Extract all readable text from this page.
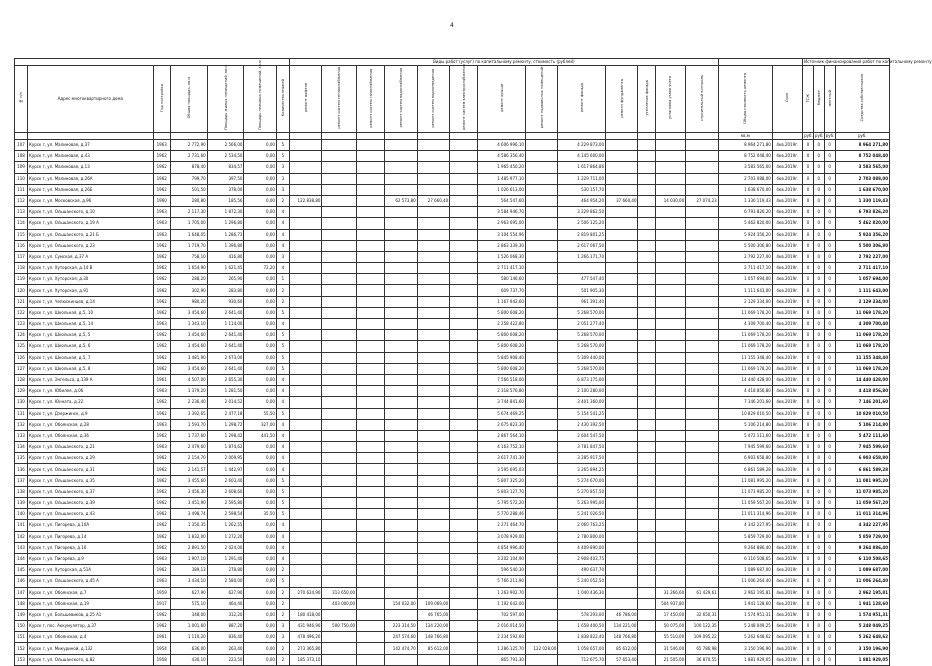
4
							Виды работ (услуг) по капитальному ремонту, стоимость (рублей)															Источник финансирования работ по капитальному ремонту			
№ п/п	Адрес многоквартирного дома	Год постройки	Общая площадь, кв.м	Площадь жилых помещений, кв.м	Площадь нежилых помещений, кв.м	Количество этажей	ремонт лифтов	ремонт систем теплоснабжения	ремонт систем газоснабжения	ремонт систем водоснабжения	ремонт систем водоотведения	ремонт систем электроснабжения	ремонт крыши	ремонт подвальных помещений	ремонт фасада	ремонт фундамента	утепление фасада	установка узлов учета	строительный контроль	Общая стоимость ремонта	Срок	ТСЖ	бюджет	местный	Средства собственников
																				кв.м		руб.	руб.	руб.	руб.
107	Курск г, ул. Малиновая, д.37	1963	2 772,90	2 566,00	0,00	5							4 606 996,10		4 229 873,00					8 964 271,80	4кв.2019г.	0	0	0	8 964 271,80
108	Курск г, ул. Малиновая, д.43	1962	2 731,60	2 534,50	0,00	5							4 586 356,40		4 145 600,00					8 752 048,40	4кв.2019г.	0	0	0	8 752 048,40
109	Курск г, ул. Малиновая, д.13	1962	878,40	834,57	0,00	3							1 965 450,20		1 617 864,86					3 583 565,00	4кв.2019г.	0	0	0	3 583 565,00
110	Курск г, ул. Малиновая, д.26А	1962	799,70	397,50	0,00	3							1 485 977,10		1 229 711,00					2 703 088,00	4кв.2019г.	0	0	0	2 703 088,00
111	Курск г, ул. Малиновая, д.26Б	1962	501,50	378,00	0,00	3							1 026 613,00		530 157,70					1 638 670,00	4кв.2019г.	0	0	0	1 638 670,00
112	Курск г, ул. Московская, д.96	1960	280,80	185,56	0,00	2	122 838,80			62 573,80	27 660,40		564 547,60		464 954,20	37 660,40		14 030,00	27 074,23	1 330 119,43	4кв.2019г.	0	0	0	1 330 119,43
113	Курск г, ул. Ольшанского, д.10	1963	2 117,30	1 872,30	0,00	4							3 584 946,70		3 229 862,50					6 793 826,20	4кв.2019г.	0	0	0	6 793 826,20
114	Курск г, ул. Ольшанского, д.19 А	1963	1 705,00	1 296,80	0,00	4							2 963 695,00		2 506 125,20					5 462 820,00	4кв.2019г.	0	0	0	5 462 820,00
115	Курск г, ул. Ольшанского, д.21 Б	1963	1 648,05	1 286,73	0,00	4							3 104 554,96		2 819 801,25					5 924 356,20	4кв.2019г.	0	0	0	5 924 356,20
116	Курск г, ул. Ольшанского, д.23	1962	1 719,70	1 396,80	0,00	4							2 863 339,30		2 617 067,50					5 500 306,80	4кв.2019г.	0	0	0	5 500 306,80
117	Курск г, ул. Сумская, д.37 А	1962	758,10	416,80	0,00	3							1 526 068,30		1 266 171,70					2 792 227,00	4кв.2019г.	0	0	0	2 792 227,00
118	Курск г, ул. Хуторская, д.14 В	1962	1 654,90	1 621,45	72,20	4							2 711 417,10							2 711 417,10	4кв.2019г.	0	0	0	2 711 417,10
119	Курск г, ул. Хуторская, д.30	1962	288,20	265,90	0,00	1							580 146,60		477 547,40					1 057 694,00	4кв.2019г.	0	0	0	1 057 694,00
120	Курск г, ул. Хуторская, д.91	1962	302,90	283,80	0,00	2							609 737,70		501 905,30					1 111 643,00	4кв.2019г.	0	0	0	1 111 643,00
121	Курск г, ул. Челюскинцев, д.14	1962	980,20	930,60	0,00	2							1 167 942,60		961 391,40					2 129 334,00	4кв.2019г.	0	0	0	2 129 334,00
122	Курск г, ул. Школьная, д.5, 10	1962	3 454,60	2 641,40	0,00	5							5 800 608,20		5 268 570,00					11 069 178,20	4кв.2019г.	0	0	0	11 069 178,20
123	Курск г, ул. Школьная, д.5, 14	1963	1 343,10	1 114,00	0,00	4							2 258 422,80		2 051 277,40					4 309 700,40	4кв.2019г.	0	0	0	4 309 700,40
124	Курск г, ул. Школьная, д.5, 5	1962	3 454,60	2 641,40	0,00	5							5 800 608,20		5 268 570,00					11 069 178,20	4кв.2019г.	0	0	0	11 069 178,20
125	Курск г, ул. Школьная, д.5, 6	1962	3 454,60	2 641,40	0,00	5							5 800 608,20		5 268 570,00					11 069 178,20	4кв.2019г.	0	0	0	11 069 178,20
126	Курск г, ул. Школьная, д.5, 7	1962	3 481,90	2 673,00	0,00	5							5 845 908,40		5 309 440,00					11 155 348,40	4кв.2019г.	0	0	0	11 155 348,40
127	Курск г, ул. Школьная, д.5, 8	1962	3 454,60	2 641,40	0,00	5							5 800 608,20		5 268 570,00					11 069 178,20	4кв.2019г.	0	0	0	11 069 178,20
128	Курск г, ул. Энгельса, д.139 А	1961	4 507,00	2 655,30	0,00	4							7 566 518,00		6 873 175,00					14 440 428,00	4кв.2019г.	0	0	0	14 440 428,00
129	Курск г, ул. Юбилея, д.06	1963	1 379,20	1 281,50	0,00	4							2 318 576,80		2 100 280,00					4 418 856,80	4кв.2019г.	0	0	0	4 418 856,80
130	Курск г, ул. Юнната, д.22	1962	2 236,40	2 014,52	0,00	4							3 744 841,60		3 401 360,00					7 146 201,60	4кв.2019г.	0	0	0	7 146 201,60
131	Курск г, ул. Дзержинск, д.9	1962	3 392,65	2 477,18	55,50	5							5 674 469,25		5 154 541,25					10 829 010,50	4кв.2019г.	0	0	0	10 829 010,50
132	Курск г, ул. Обоянская, д.28	1963	1 593,70	1 298,72	327,00	4							2 675 823,30		2 430 392,50					5 106 214,80	4кв.2019г.	0	0	0	5 106 214,80
133	Курск г, ул. Обоянская, д.36	1962	1 737,60	1 298,42	441,50	4							2 867 564,10		2 604 547,50					5 472 111,60	4кв.2019г.	0	0	0	5 472 111,60
134	Курск г, ул. Ольшанского, д.21	1963	2 479,60	1 874,62	0,00	4							4 163 752,10		3 781 847,50					7 945 599,60	4кв.2019г.	0	0	0	7 945 599,60
135	Курск г, ул. Ольшанского, д.29	1962	2 154,70	2 009,95	0,00	4							3 617 741,30		3 285 917,50					6 903 658,80	4кв.2019г.	0	0	0	6 903 658,80
136	Курск г, ул. Ольшанского, д.31	1962	2 141,57	1 442,97	0,00	4							3 595 695,03		3 265 894,25					6 861 589,28	4кв.2019г.	0	0	0	6 861 589,28
137	Курск г, ул. Ольшанского, д.35	1962	3 455,60	2 603,40	0,00	5							5 807 325,20		5 274 670,00					11 081 995,20	4кв.2019г.	0	0	0	11 081 995,20
138	Курск г, ул. Ольшанского, д.37	1962	3 456,30	2 608,60	0,00	5							5 803 127,70		5 270 857,50					11 073 985,20	4кв.2019г.	0	0	0	11 073 985,20
139	Курск г, ул. Ольшанского, д.39	1962	3 451,90	2 595,80	0,00	5							5 795 572,20		5 263 995,00					11 059 567,20	4кв.2019г.	0	0	0	11 059 567,20
140	Курск г, ул. Ольшанского, д.43	1962	3 498,74	2 598,54	35,50	5							5 770 288,46		5 241 026,50					11 011 314,96	4кв.2019г.	0	0	0	11 011 314,96
141	Курск г, ул. Пигорева, д.10А	1962	1 350,35	1 262,55	0,00	4							2 271 464,70		2 060 763,25					4 342 227,95	4кв.2019г.	0	0	0	4 342 227,95
142	Курск г, ул. Пигорева, д.14	1962	1 832,00	1 272,20	0,00	4							3 078 929,00		2 780 800,00					5 859 729,00	4кв.2019г.	0	0	0	5 859 729,00
143	Курск г, ул. Пигорева, д.16	1962	2 891,50	2 024,00	0,00	4							4 854 996,40		4 409 890,00					9 264 886,40	4кв.2019г.	0	0	0	9 264 886,40
144	Курск г, ул. Пигорева, д.9	1963	1 907,10	1 291,40	0,00	4							3 202 104,90		2 908 403,75					6 110 508,65	4кв.2019г.	0	0	0	6 110 508,65
145	Курск г, ул. Хуторская, д.51А	1962	389,13	278,80	0,00	2							596 540,30		490 637,70					1 089 687,00	4кв.2019г.	0	0	0	1 089 687,00
146	Курск г, ул. Ольшанского, д.45 А	1963	3 434,10	2 580,00	0,00	5							5 766 211,90		5 240 052,50					11 006 264,40	4кв.2019г.	0	0	0	11 006 264,40
147	Курск г, ул. Обоянская, д.7	1959	627,90	627,90	0,00	2	270 624,90	313 650,00					1 263 902,70		1 040 436,30			31 266,60	61 429,61	2 962 195,81	4кв.2019г.	0	0	0	2 962 195,81
148	Курск г, ул. Обоянская, д.19	1917	575,10	464,40	0,00	2		403 000,00		154 032,00	109 069,00		1 192 642,00					504 937,80		1 941 128,60	4кв.2019г.	0	0	0	1 941 128,60
149	Курск г, ул. Большевиков, д.25 А1	1962	348,00	312,20	0,00	2	180 418,00				46 765,00		702 597,00		578 293,00	46 786,00		17 450,00	32 650,31	1 574 951,31	4кв.2019г.	0	0	0	1 574 951,31
150	Курск г, пос. Аккумулятор, д.37	1962	1 001,60	887,20	0,00	3	431 946,90	500 750,00		223 314,50	134 220,00		2 016 014,50		1 658 400,50	134 221,00		50 075,00	100 122,35	5 248 049,25	4кв.2019г.	0	0	0	5 248 049,25
151	Курск г, ул. Обоянская, д.4	1961	1 110,20	836,40	0,00	3	478 496,20			247 574,60	148 766,80		2 234 592,60		1 838 822,40	148 766,80		55 510,00	109 095,22	5 262 648,62	4кв.2019г.	0	0	0	5 262 648,62
152	Курск г, ул. Микуриной, д.132	1954	636,00	263,40	0,00	2	273 365,80			142 474,70	85 612,00		1 286 125,70	122 028,00	1 058 657,00	85 612,00		31 546,00	65 786,98	3 150 196,90	4кв.2019г.	0	0	0	3 150 196,90
153	Курск г, ул. Ольшанского, д.82	1958	430,10	223,50	0,00	2	185 373,10						865 791,30		712 675,70	57 653,40		21 505,00	36 870,55	1 881 929,05	4кв.2019г.	0	0	0	1 881 929,05
